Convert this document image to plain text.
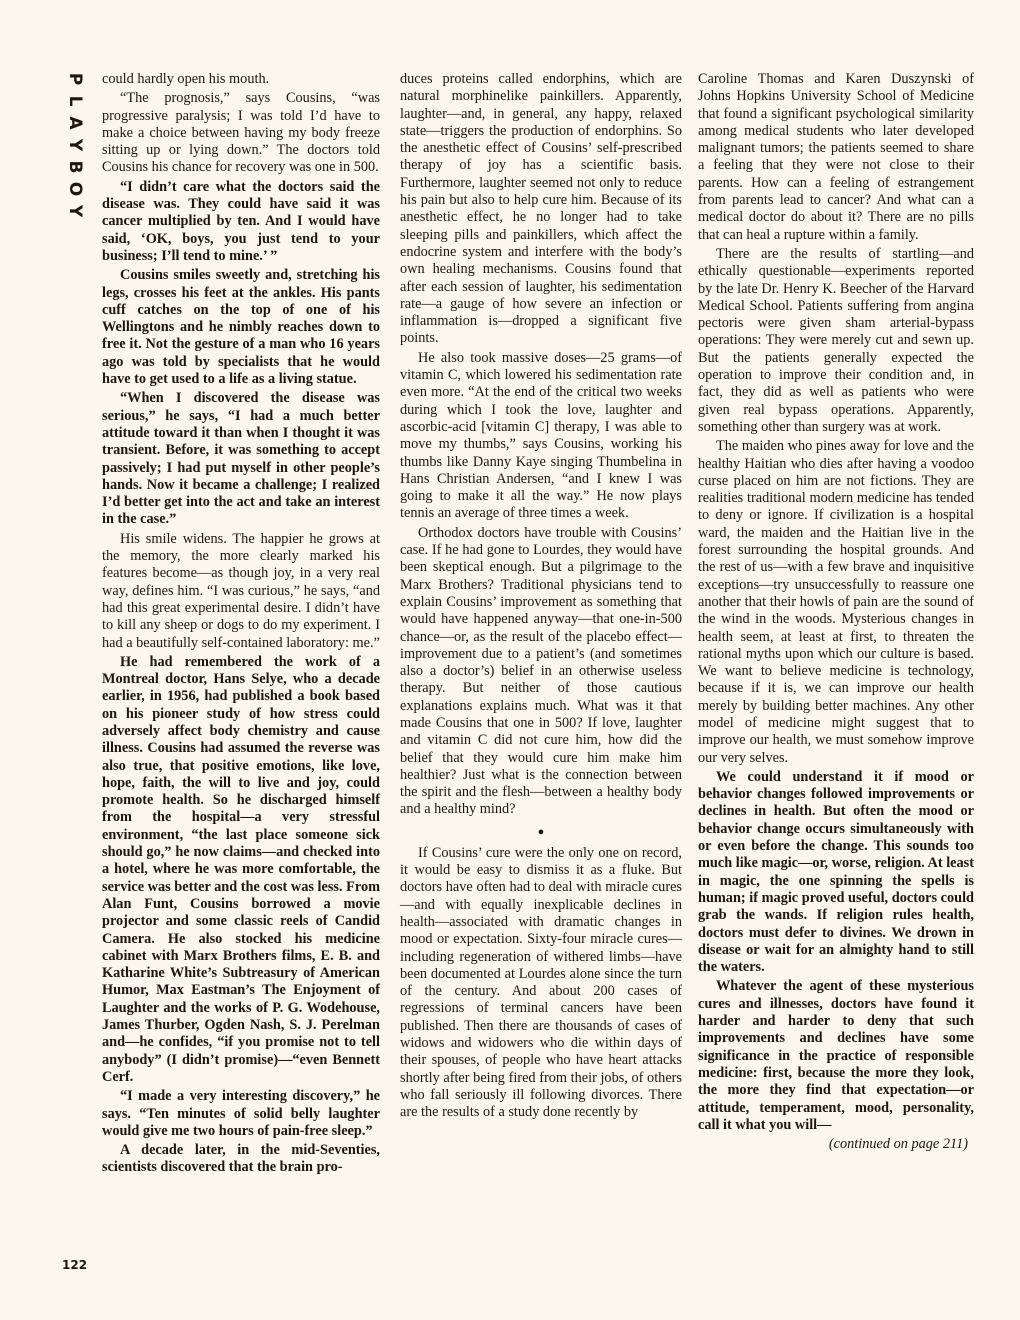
P
L
A
Y
B
O
Y

could hardly open his mouth.

“The prognosis,” says Cousins, “was progressive paralysis; I was told I’d have to make a choice between having my body freeze sitting up or lying down.” The doctors told Cousins his chance for recovery was one in 500.

“I didn’t care what the doctors said the disease was. They could have said it was cancer multiplied by ten. And I would have said, ‘OK, boys, you just tend to your business; I’ll tend to mine.’ ”

Cousins smiles sweetly and, stretching his legs, crosses his feet at the ankles. His pants cuff catches on the top of one of his Wellingtons and he nimbly reaches down to free it. Not the gesture of a man who 16 years ago was told by specialists that he would have to get used to a life as a living statue.

“When I discovered the disease was serious,” he says, “I had a much better attitude toward it than when I thought it was transient. Before, it was something to accept passively; I had put myself in other people’s hands. Now it became a challenge; I realized I’d better get into the act and take an interest in the case.”

His smile widens. The happier he grows at the memory, the more clearly marked his features become—as though joy, in a very real way, defines him. “I was curious,” he says, “and had this great experimental desire. I didn’t have to kill any sheep or dogs to do my experiment. I had a beautifully self-contained laboratory: me.”

He had remembered the work of a Montreal doctor, Hans Selye, who a decade earlier, in 1956, had published a book based on his pioneer study of how stress could adversely affect body chemistry and cause illness. Cousins had assumed the reverse was also true, that positive emotions, like love, hope, faith, the will to live and joy, could promote health. So he discharged himself from the hospital—a very stressful environment, “the last place someone sick should go,” he now claims—and checked into a hotel, where he was more comfortable, the service was better and the cost was less. From Alan Funt, Cousins borrowed a movie projector and some classic reels of Candid Camera. He also stocked his medicine cabinet with Marx Brothers films, E. B. and Katharine White’s Subtreasury of American Humor, Max Eastman’s The Enjoyment of Laughter and the works of P. G. Wodehouse, James Thurber, Ogden Nash, S. J. Perelman and—he confides, “if you promise not to tell anybody” (I didn’t promise)—“even Bennett Cerf.

“I made a very interesting discovery,” he says. “Ten minutes of solid belly laughter would give me two hours of pain-free sleep.”

A decade later, in the mid-Seventies, scientists discovered that the brain pro-

duces proteins called endorphins, which are natural morphinelike painkillers. Apparently, laughter—and, in general, any happy, relaxed state—triggers the production of endorphins. So the anesthetic effect of Cousins’ self-prescribed therapy of joy has a scientific basis. Furthermore, laughter seemed not only to reduce his pain but also to help cure him. Because of its anesthetic effect, he no longer had to take sleeping pills and painkillers, which affect the endocrine system and interfere with the body’s own healing mechanisms. Cousins found that after each session of laughter, his sedimentation rate—a gauge of how severe an infection or inflammation is—dropped a significant five points.

He also took massive doses—25 grams—of vitamin C, which lowered his sedimentation rate even more. “At the end of the critical two weeks during which I took the love, laughter and ascorbic-acid [vitamin C] therapy, I was able to move my thumbs,” says Cousins, working his thumbs like Danny Kaye singing Thumbelina in Hans Christian Andersen, “and I knew I was going to make it all the way.” He now plays tennis an average of three times a week.

Orthodox doctors have trouble with Cousins’ case. If he had gone to Lourdes, they would have been skeptical enough. But a pilgrimage to the Marx Brothers? Traditional physicians tend to explain Cousins’ improvement as something that would have happened anyway—that one-in-500 chance—or, as the result of the placebo effect—improvement due to a patient’s (and sometimes also a doctor’s) belief in an otherwise useless therapy. But neither of those cautious explanations explains much. What was it that made Cousins that one in 500? If love, laughter and vitamin C did not cure him, how did the belief that they would cure him make him healthier? Just what is the connection between the spirit and the flesh—between a healthy body and a healthy mind?

●

If Cousins’ cure were the only one on record, it would be easy to dismiss it as a fluke. But doctors have often had to deal with miracle cures—and with equally inexplicable declines in health—associated with dramatic changes in mood or expectation. Sixty-four miracle cures—including regeneration of withered limbs—have been documented at Lourdes alone since the turn of the century. And about 200 cases of regressions of terminal cancers have been published. Then there are thousands of cases of widows and widowers who die within days of their spouses, of people who have heart attacks shortly after being fired from their jobs, of others who fall seriously ill following divorces. There are the results of a study done recently by

Caroline Thomas and Karen Duszynski of Johns Hopkins University School of Medicine that found a significant psychological similarity among medical students who later developed malignant tumors; the patients seemed to share a feeling that they were not close to their parents. How can a feeling of estrangement from parents lead to cancer? And what can a medical doctor do about it? There are no pills that can heal a rupture within a family.

There are the results of startling—and ethically questionable—experiments reported by the late Dr. Henry K. Beecher of the Harvard Medical School. Patients suffering from angina pectoris were given sham arterial-bypass operations: They were merely cut and sewn up. But the patients generally expected the operation to improve their condition and, in fact, they did as well as patients who were given real bypass operations. Apparently, something other than surgery was at work.

The maiden who pines away for love and the healthy Haitian who dies after having a voodoo curse placed on him are not fictions. They are realities traditional modern medicine has tended to deny or ignore. If civilization is a hospital ward, the maiden and the Haitian live in the forest surrounding the hospital grounds. And the rest of us—with a few brave and inquisitive exceptions—try unsuccessfully to reassure one another that their howls of pain are the sound of the wind in the woods. Mysterious changes in health seem, at least at first, to threaten the rational myths upon which our culture is based. We want to believe medicine is technology, because if it is, we can improve our health merely by building better machines. Any other model of medicine might suggest that to improve our health, we must somehow improve our very selves.

We could understand it if mood or behavior changes followed improvements or declines in health. But often the mood or behavior change occurs simultaneously with or even before the change. This sounds too much like magic—or, worse, religion. At least in magic, the one spinning the spells is human; if magic proved useful, doctors could grab the wands. If religion rules health, doctors must defer to divines. We drown in disease or wait for an almighty hand to still the waters.

Whatever the agent of these mysterious cures and illnesses, doctors have found it harder and harder to deny that such improvements and declines have some significance in the practice of responsible medicine: first, because the more they look, the more they find that expectation—or attitude, temperament, mood, personality, call it what you will—

(continued on page 211)

122
